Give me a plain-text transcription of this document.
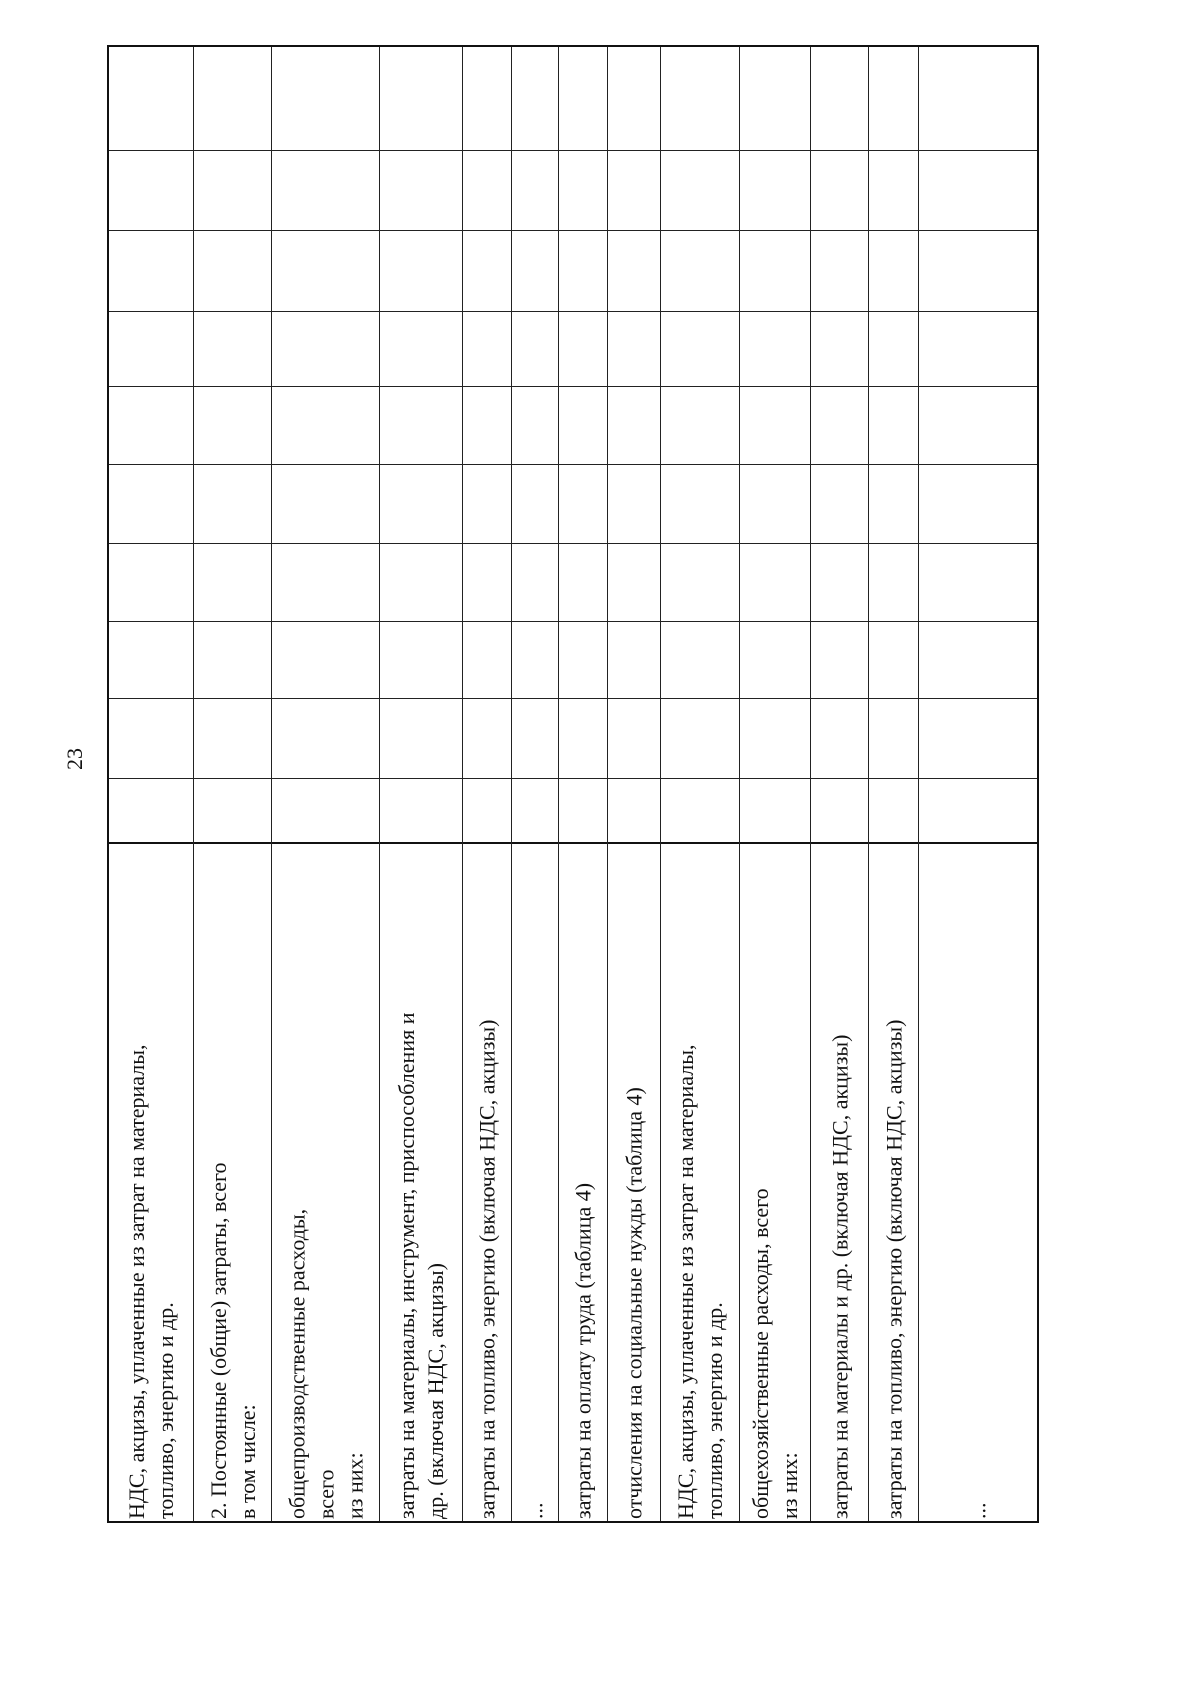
23
НДС, акцизы, уплаченные из затрат на материалы, топливо, энергию и др. 2. Постоянные (общие) затраты, всего в том числе: общепроизводственные расходы, всего из них: затраты на материалы, инструмент, приспособления и др. (включая НДС, акцизы) затраты на топливо, энергию (включая НДС, акцизы) ... затраты на оплату труда (таблица 4) отчисления на социальные нужды (таблица 4) НДС, акцизы, уплаченные из затрат на материалы, топливо, энергию и др. общехозяйственные расходы, всего из них: затраты на материалы и др. (включая НДС, акцизы) затраты на топливо, энергию (включая НДС, акцизы)	...
